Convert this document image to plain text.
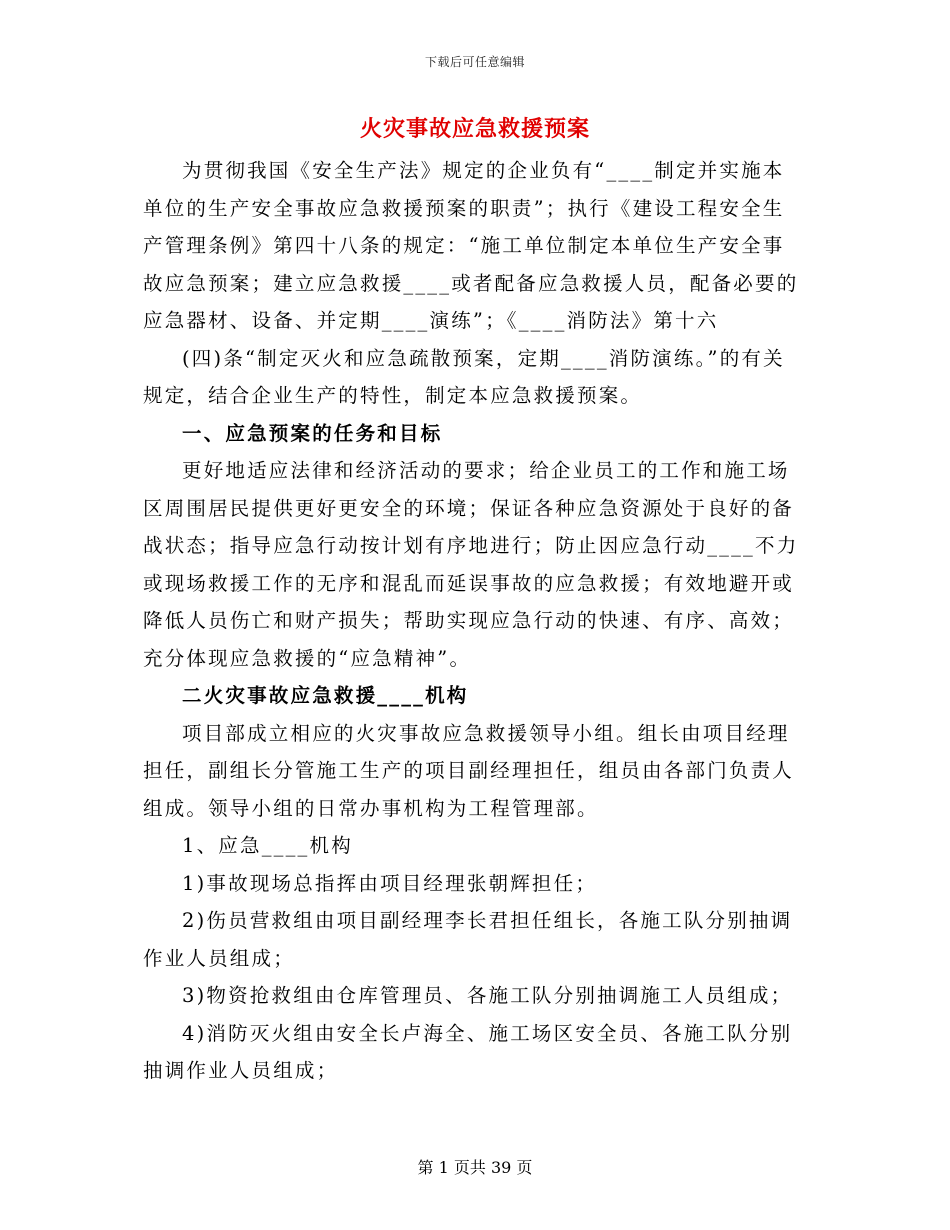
下载后可任意编辑
火灾事故应急救援预案

为贯彻我国《安全生产法》规定的企业负有“____制定并实施本单位的生产安全事故应急救援预案的职责”；执行《建设工程安全生产管理条例》第四十八条的规定：“施工单位制定本单位生产安全事故应急预案；建立应急救援____或者配备应急救援人员，配备必要的应急器材、设备、并定期____演练”；《____消防法》第十六

(四)条“制定灭火和应急疏散预案，定期____消防演练。”的有关规定，结合企业生产的特性，制定本应急救援预案。

一、应急预案的任务和目标

更好地适应法律和经济活动的要求；给企业员工的工作和施工场区周围居民提供更好更安全的环境；保证各种应急资源处于良好的备战状态；指导应急行动按计划有序地进行；防止因应急行动____不力或现场救援工作的无序和混乱而延误事故的应急救援；有效地避开或降低人员伤亡和财产损失；帮助实现应急行动的快速、有序、高效；充分体现应急救援的“应急精神”。

二火灾事故应急救援____机构

项目部成立相应的火灾事故应急救援领导小组。组长由项目经理担任，副组长分管施工生产的项目副经理担任，组员由各部门负责人组成。领导小组的日常办事机构为工程管理部。

1、应急____机构

1)事故现场总指挥由项目经理张朝辉担任；

2)伤员营救组由项目副经理李长君担任组长，各施工队分别抽调作业人员组成；

3)物资抢救组由仓库管理员、各施工队分别抽调施工人员组成；

4)消防灭火组由安全长卢海全、施工场区安全员、各施工队分别抽调作业人员组成；

第 1 页共 39 页
